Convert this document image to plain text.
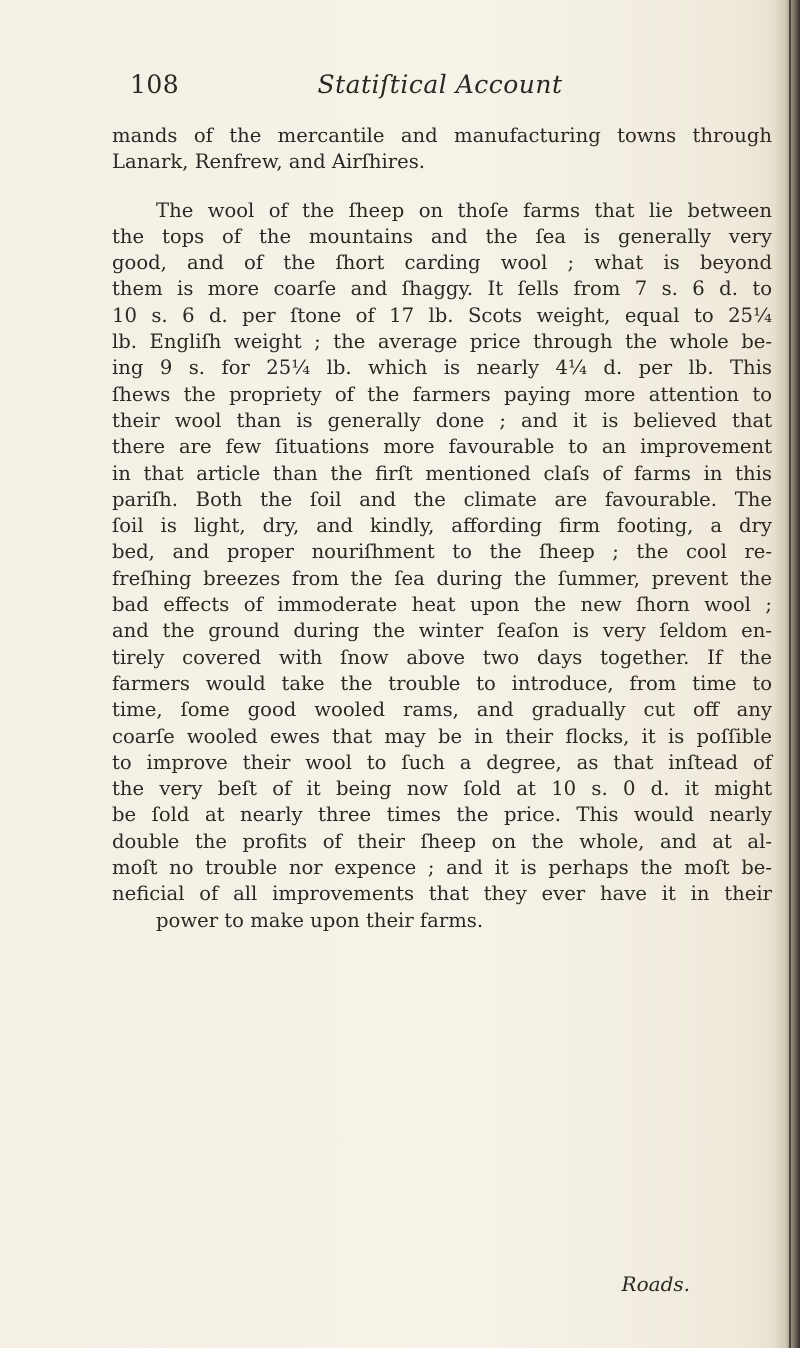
108	Statiſtical Account
mands of the mercantile and manufacturing towns through
Lanark, Renfrew, and Airſhires.
The wool of the ſheep on thoſe farms that lie between
the tops of the mountains and the ſea is generally very
good, and of the ſhort carding wool ; what is beyond
them is more coarſe and ſhaggy. It ſells from 7 s. 6 d. to
10 s. 6 d. per ſtone of 17 lb. Scots weight, equal to 25¼
lb. Engliſh weight ; the average price through the whole be-
ing 9 s. for 25¼ lb. which is nearly 4¼ d. per lb. This
ſhews the propriety of the farmers paying more attention to
their wool than is generally done ; and it is believed that
there are few ſituations more favourable to an improvement
in that article than the firſt mentioned claſs of farms in this
pariſh. Both the ſoil and the climate are favourable. The
ſoil is light, dry, and kindly, affording firm footing, a dry
bed, and proper nouriſhment to the ſheep ; the cool re-
freſhing breezes from the ſea during the ſummer, prevent the
bad effects of immoderate heat upon the new ſhorn wool ;
and the ground during the winter ſeaſon is very ſeldom en-
tirely covered with ſnow above two days together. If the
farmers would take the trouble to introduce, from time to
time, ſome good wooled rams, and gradually cut off any
coarſe wooled ewes that may be in their flocks, it is poſſible
to improve their wool to ſuch a degree, as that inſtead of
the very beſt of it being now ſold at 10 s. 0 d. it might
be ſold at nearly three times the price. This would nearly
double the profits of their ſheep on the whole, and at al-
moſt no trouble nor expence ; and it is perhaps the moſt be-
neficial of all improvements that they ever have it in their
power to make upon their farms.
Roads.
